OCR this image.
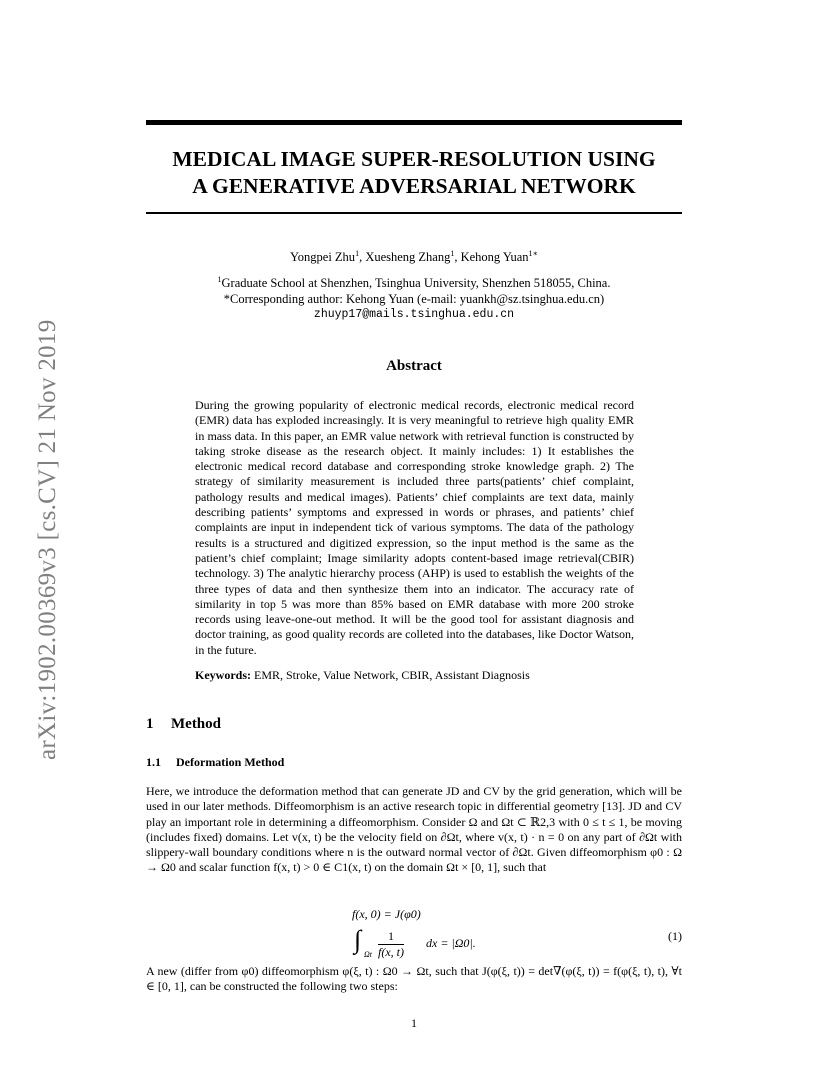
arXiv:1902.00369v3 [cs.CV] 21 Nov 2019
MEDICAL IMAGE SUPER-RESOLUTION USING
A GENERATIVE ADVERSARIAL NETWORK
Yongpei Zhu$^1$, Xuesheng Zhang$^1$, Kehong Yuan$^{1∗}$
$^1$Graduate School at Shenzhen, Tsinghua University, Shenzhen 518055, China.
*Corresponding author: Kehong Yuan (e-mail: yuankh@sz.tsinghua.edu.cn)
zhuyp17@mails.tsinghua.edu.cn
Abstract
During the growing popularity of electronic medical records, electronic medical record (EMR) data has exploded increasingly. It is very meaningful to retrieve high quality EMR in mass data. In this paper, an EMR value network with retrieval function is constructed by taking stroke disease as the research object. It mainly includes: 1) It establishes the electronic medical record database and corresponding stroke knowledge graph. 2) The strategy of similarity measurement is included three parts(patients’ chief complaint, pathology results and medical images). Patients’ chief complaints are text data, mainly describing patients’ symptoms and expressed in words or phrases, and patients’ chief complaints are input in independent tick of various symptoms. The data of the pathology results is a structured and digitized expression, so the input method is the same as the patient’s chief complaint; Image similarity adopts content-based image retrieval(CBIR) technology. 3) The analytic hierarchy process (AHP) is used to establish the weights of the three types of data and then synthesize them into an indicator. The accuracy rate of similarity in top 5 was more than 85% based on EMR database with more 200 stroke records using leave-one-out method. It will be the good tool for assistant diagnosis and doctor training, as good quality records are colleted into the databases, like Doctor Watson, in the future.
Keywords: EMR, Stroke, Value Network, CBIR, Assistant Diagnosis
1 Method
1.1 Deformation Method
Here, we introduce the deformation method that can generate JD and CV by the grid generation, which will be used in our later methods. Diffeomorphism is an active research topic in differential geometry [13]. JD and CV play an important role in determining a diffeomorphism. Consider Ω and Ωt ⊂ ℝ2,3 with 0 ≤ t ≤ 1, be moving (includes fixed) domains. Let v(x, t) be the velocity field on ∂Ωt, where v(x, t) · n = 0 on any part of ∂Ωt with slippery-wall boundary conditions where n is the outward normal vector of ∂Ωt. Given diffeomorphism φ0 : Ω → Ω0 and scalar function f(x, t) > 0 ∈ C1(x, t) on the domain Ωt × [0, 1], such that
f(x, 0) = J(φ0)
∫
Ωt $\frac{1}{f(x, t)}$ dx = |Ω0|.	(1)
A new (differ from φ0) diffeomorphism φ(ξ, t) : Ω0 → Ωt, such that J(φ(ξ, t)) = det∇(φ(ξ, t)) = f(φ(ξ, t), t), ∀t ∈ [0, 1], can be constructed the following two steps:
1
